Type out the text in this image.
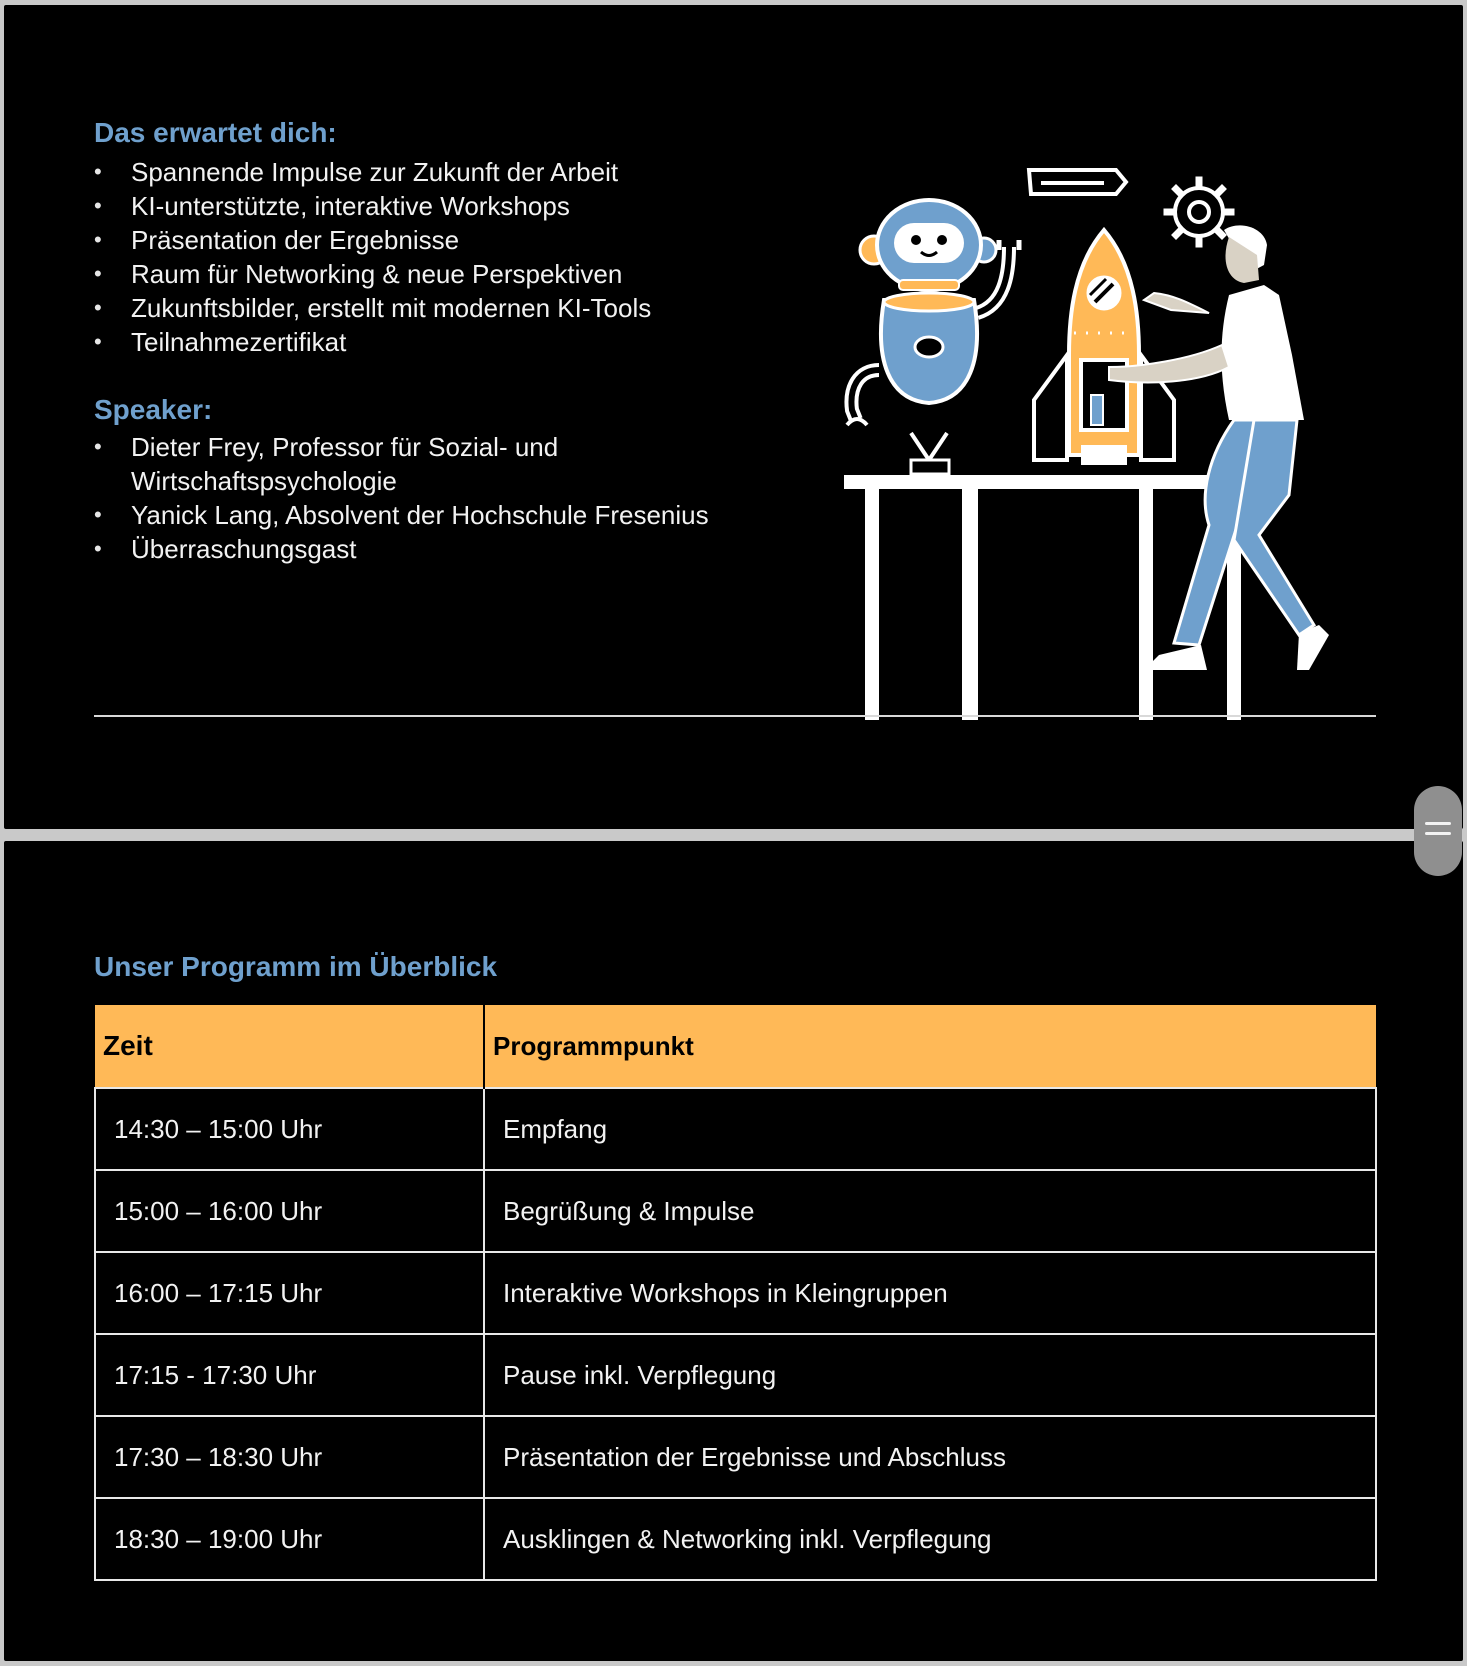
Das erwartet dich:
• Spannende Impulse zur Zukunft der Arbeit
• KI-unterstützte, interaktive Workshops
• Präsentation der Ergebnisse
• Raum für Networking & neue Perspektiven
• Zukunftsbilder, erstellt mit modernen KI-Tools
• Teilnahmezertifikat
Speaker:
• Dieter Frey, Professor für Sozial- und Wirtschaftspsychologie
• Yanick Lang, Absolvent der Hochschule Fresenius
• Überraschungsgast
Unser Programm im Überblick
Zeit	Programmpunkt
14:30 – 15:00 Uhr	Empfang
15:00 – 16:00 Uhr	Begrüßung & Impulse
16:00 – 17:15 Uhr	Interaktive Workshops in Kleingruppen
17:15 - 17:30 Uhr	Pause inkl. Verpflegung
17:30 – 18:30 Uhr	Präsentation der Ergebnisse und Abschluss
18:30 – 19:00 Uhr	Ausklingen & Networking inkl. Verpflegung
